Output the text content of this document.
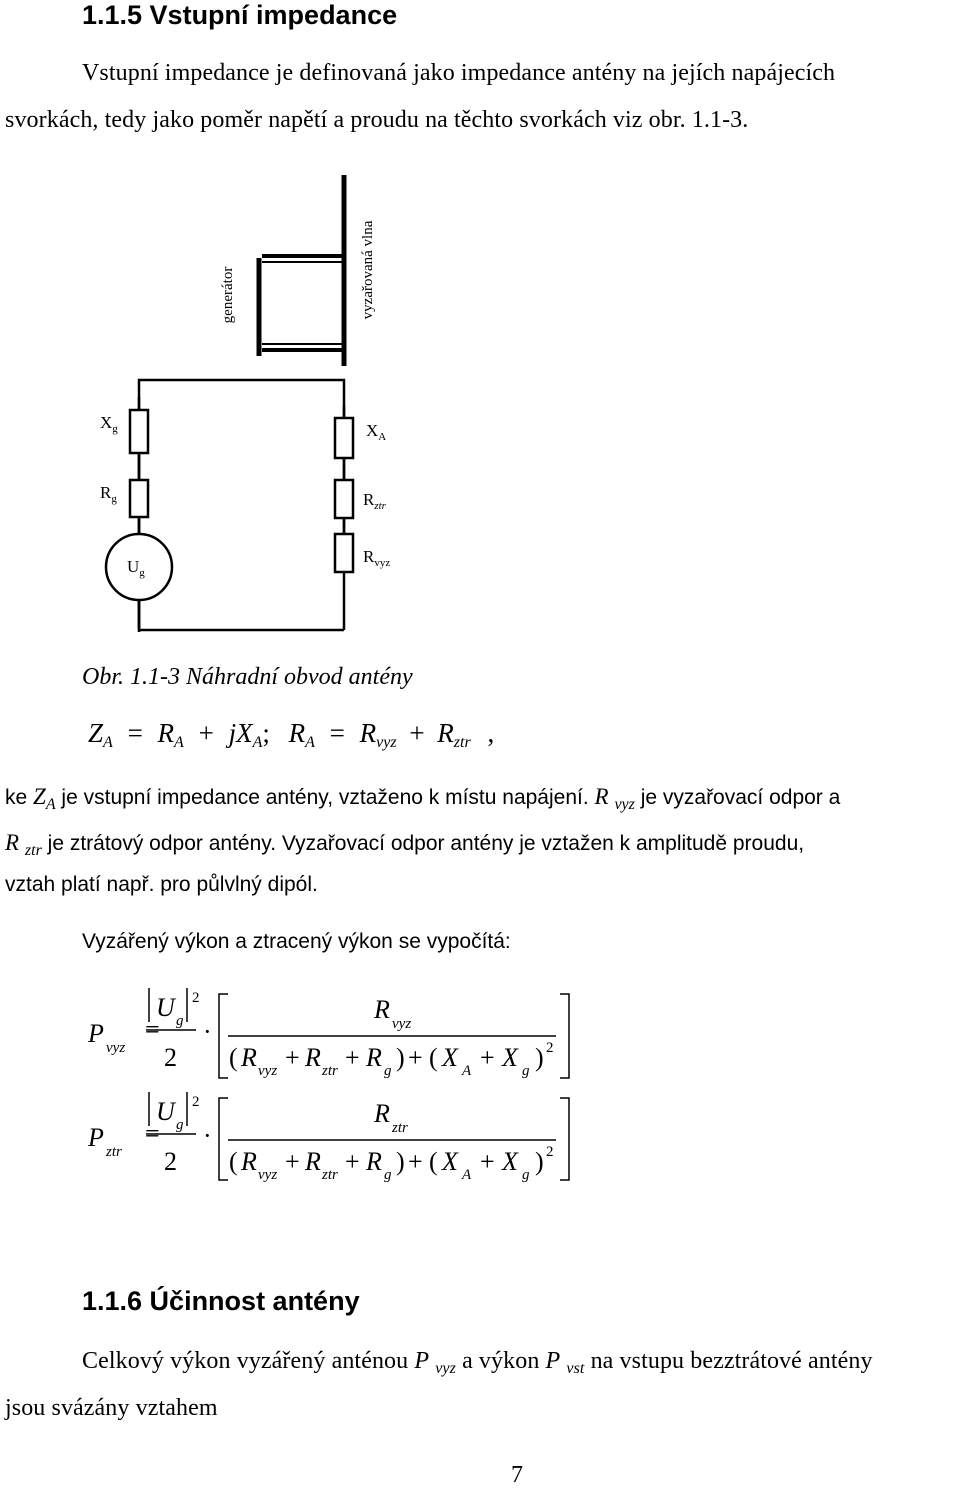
1.1.5 Vstupní impedance
Vstupní impedance je definovaná jako impedance antény na jejích napájecích
svorkách, tedy jako poměr napětí a proudu na těchto svorkách viz obr. 1.1-3.
generátor	vyzařovaná vlna
$X_g$
$R_g$
$U_g$
$X_A$
$R_{ztr}$
$R_{vyz}$
Obr. 1.1-3 Náhradní obvod antény
$Z_A = R_A + jX_A$; $R_A = R_{vyz} + R_{ztr}$ ,
ke $Z_A$ je vstupní impedance antény, vztaženo k místu napájení. R $_{vyz}$ je vyzařovací odpor a
R $_{ztr}$ je ztrátový odpor antény. Vyzařovací odpor antény je vztažen k amplitudě proudu,
vztah platí např. pro půlvlný dipól.
Vyzářený výkon a ztracený výkon se vypočítá:
P vyz
=
U g
2
2
·
R vyz
( R vyz + R ztr + R g ) + ( X A + X g ) 2
P ztr
=
U g
2
2
·
R ztr
( R vyz + R ztr + R g ) + ( X A + X g ) 2
1.1.6 Účinnost antény
Celkový výkon vyzářený anténou P $_{vyz}$ a výkon P $_{vst}$ na vstupu bezztrátové antény
jsou svázány vztahem
7
